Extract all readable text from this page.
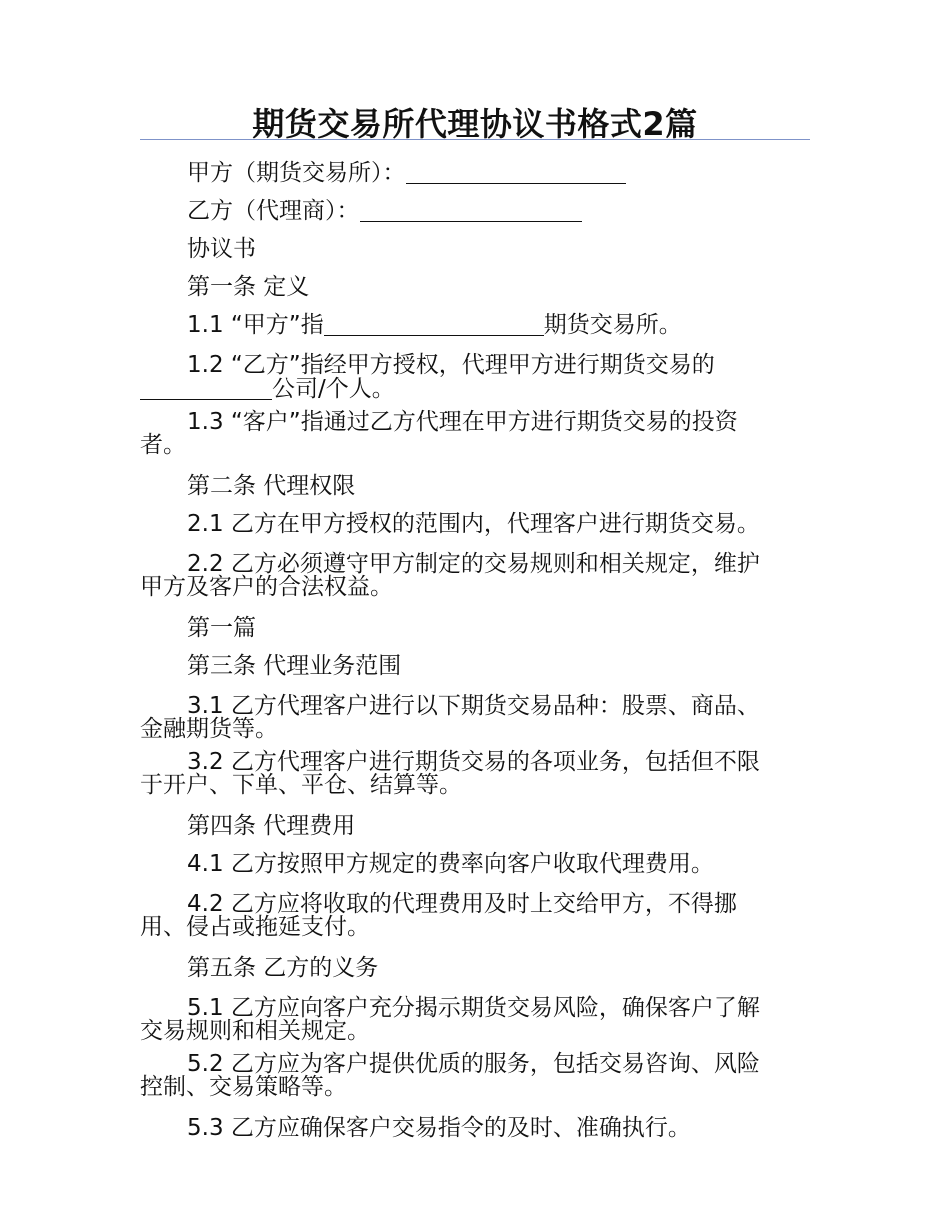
期货交易所代理协议书格式2篇
甲方（期货交易所）：
乙方（代理商）：
协议书
第一条 定义
1.1 “甲方”指	期货交易所。
1.2 “乙方”指经甲方授权，代理甲方进行期货交易的
公司/个人。
1.3 “客户”指通过乙方代理在甲方进行期货交易的投资
者。
第二条 代理权限
2.1 乙方在甲方授权的范围内，代理客户进行期货交易。
2.2 乙方必须遵守甲方制定的交易规则和相关规定，维护
甲方及客户的合法权益。
第一篇
第三条 代理业务范围
3.1 乙方代理客户进行以下期货交易品种：股票、商品、
金融期货等。
3.2 乙方代理客户进行期货交易的各项业务，包括但不限
于开户、下单、平仓、结算等。
第四条 代理费用
4.1 乙方按照甲方规定的费率向客户收取代理费用。
4.2 乙方应将收取的代理费用及时上交给甲方，不得挪
用、侵占或拖延支付。
第五条 乙方的义务
5.1 乙方应向客户充分揭示期货交易风险，确保客户了解
交易规则和相关规定。
5.2 乙方应为客户提供优质的服务，包括交易咨询、风险
控制、交易策略等。
5.3 乙方应确保客户交易指令的及时、准确执行。
